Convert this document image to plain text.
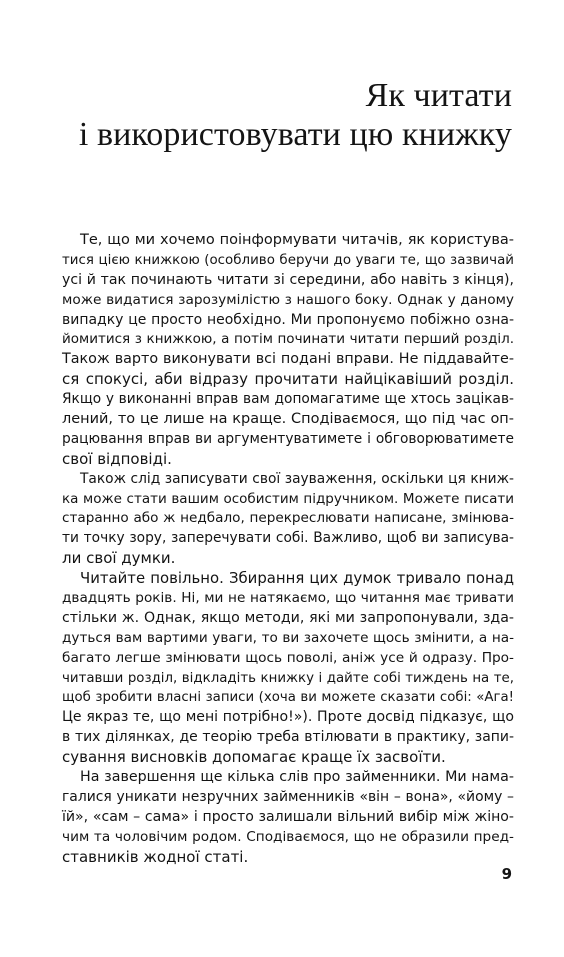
Як читати
і використовувати цю книжку
Те, що ми хочемо поінформувати читачів, як користува-
тися цією книжкою (особливо беручи до уваги те, що зазвичай
усі й так починають читати зі середини, або навіть з кінця),
може видатися зарозумілістю з нашого боку. Однак у даному
випадку це просто необхідно. Ми пропонуємо побіжно озна-
йомитися з книжкою, а потім починати читати перший розділ.
Також варто виконувати всі подані вправи. Не піддавайте-
ся спокусі, аби відразу прочитати найцікавіший розділ.
Якщо у виконанні вправ вам допомагатиме ще хтось зацікав-
лений, то це лише на краще. Сподіваємося, що під час оп-
рацювання вправ ви аргументуватимете і обговорюватимете
свої відповіді.
Також слід записувати свої зауваження, оскільки ця книж-
ка може стати вашим особистим підручником. Можете писати
старанно або ж недбало, перекреслювати написане, змінюва-
ти точку зору, заперечувати собі. Важливо, щоб ви записува-
ли свої думки.
Читайте повільно. Збирання цих думок тривало понад
двадцять років. Ні, ми не натякаємо, що читання має тривати
стільки ж. Однак, якщо методи, які ми запропонували, зда-
дуться вам вартими уваги, то ви захочете щось змінити, а на-
багато легше змінювати щось поволі, аніж усе й одразу. Про-
читавши розділ, відкладіть книжку і дайте собі тиждень на те,
щоб зробити власні записи (хоча ви можете сказати собі: «Ага!
Це якраз те, що мені потрібно!»). Проте досвід підказує, що
в тих ділянках, де теорію треба втілювати в практику, запи-
сування висновків допомагає краще їх засвоїти.
На завершення ще кілька слів про займенники. Ми нама-
галися уникати незручних займенників «він – вона», «йому –
їй», «сам – сама» і просто залишали вільний вибір між жіно-
чим та чоловічим родом. Сподіваємося, що не образили пред-
ставників жодної статі.
9
